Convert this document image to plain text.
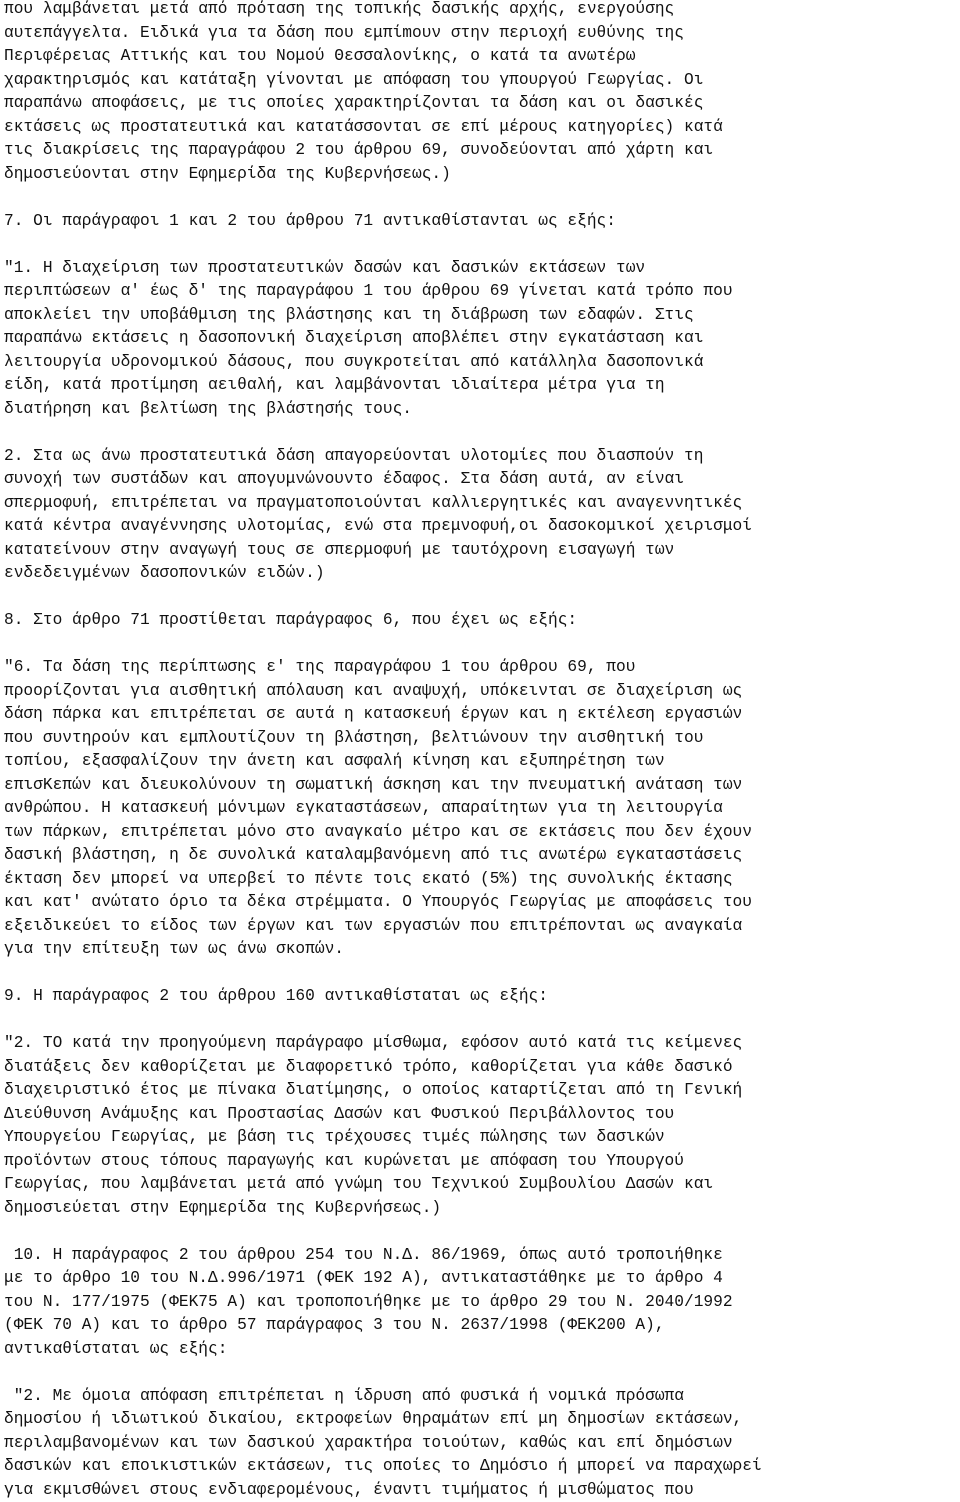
που λαμβάνεται μετά από πρόταση της τοπικής δασικής αρχής, ενεργούσης
αυτεπάγγελτα. Ειδικά για τα δάση που εμπίmουν στην περιοχή ευθύνης της
Περιφέρειας Αττικής και του Νομού Θεσσαλονίκης, ο κατά τα ανωτέρω
χαρακτηρισμός και κατάταξη γίνονται με απόφαση του γπουργού Γεωργίας. Οι
παραπάνω αποφάσεις, με τις οποίες χαρακτηρίζονται τα δάση και οι δασικές
εκτάσεις ως προστατευτικά και κατατάσσονται σε επί μέρους κατηγορίες) κατά
τις διακρίσεις της παραγράφου 2 του άρθρου 69, συνοδεύονται από χάρτη και
δημοσιεύονται στην Εφημερίδα της Κυβερνήσεως.)
7. Οι παράγραφοι 1 και 2 του άρθρου 71 αντικαθίστανται ως εξής:
"1. Η διαχείριση των προστατευτικών δασών και δασικών εκτάσεων των
περιπτώσεων α' έως δ' της παραγράφου 1 του άρθρου 69 γίνεται κατά τρόπο που
αποκλείει την υποβάθμιση της βλάστησης και τη διάβρωση των εδαφών. Στις
παραπάνω εκτάσεις η δασοπονική διαχείριση αποβλέπει στην εγκατάσταση και
λειτουργία υδρονομικού δάσους, που συγκροτείται από κατάλληλα δασοπονικά
είδη, κατά προτίμηση αειθαλή, και λαμβάνονται ιδιαίτερα μέτρα για τη
διατήρηση και βελτίωση της βλάστησής τους.
2. Στα ως άνω προστατευτικά δάση απαγορεύονται υλοτομίες που διασπούν τη
συνοχή των συστάδων και απογυμνώνουντο έδαφος. Στα δάση αυτά, αν είναι
σπερμοφυή, επιτρέπεται να πραγματοποιούνται καλλιεργητικές και αναγεννητικές
κατά κέντρα αναγέννησης υλοτομίας, ενώ στα πρεμνοφυή,οι δασοκομικοί χειρισμοί
κατατείνουν στην αναγωγή τους σε σπερμοφυή με ταυτόχρονη εισαγωγή των
ενδεδειγμένων δασοπονικών ειδών.)
8. Στο άρθρο 71 προστίθεται παράγραφος 6, που έχει ως εξής:
"6. Τα δάση της περίπτωσης ε' της παραγράφου 1 του άρθρου 69, που
προορίζονται για αισθητική απόλαυση και αναψυχή, υπόκεινται σε διαχείριση ως
δάση πάρκα και επιτρέπεται σε αυτά η κατασκευή έργων και η εκτέλεση εργασιών
που συντηρούν και εμπλουτίζουν τη βλάστηση, βελτιώνουν την αισθητική του
τοπίου, εξασφαλίζουν την άνετη και ασφαλή κίνηση και εξυπηρέτηση των
επισKεπών και διευκολύνουν τη σωματική άσκηση και την πνευματική ανάταση των
ανθρώπου. Η κατασκευή μόνιμων εγκαταστάσεων, απαραίτητων για τη λειτουργία
των πάρκων, επιτρέπεται μόνο στο αναγκαίο μέτρο και σε εκτάσεις που δεν έχουν
δασική βλάστηση, η δε συνολικά καταλαμβανόμενη από τις ανωτέρω εγκαταστάσεις
έκταση δεν μπορεί να υπερβεί το πέντε τοις εκατό (5%) της συνολικής έκτασης
και κατ' ανώτατο όριο τα δέκα στρέμματα. Ο Υπουργός Γεωργίας με αποφάσεις του
εξειδικεύει το είδος των έργων και των εργασιών που επιτρέπονται ως αναγκαία
για την επίτευξη των ως άνω σκοπών.
9. Η παράγραφος 2 του άρθρου 160 αντικαθίσταται ως εξής:
"2. ΤΟ κατά την προηγούμενη παράγραφο μίσθωμα, εφόσον αυτό κατά τις κείμενες
διατάξεις δεν καθορίζεται με διαφορετικό τρόπο, καθορίζεται για κάθε δασικό
διαχειριστικό έτος με πίνακα διατίμησης, ο οποίος καταρτίζεται από τη Γενική
Διεύθυνση Ανάμυξης και Προστασίας Δασών και Φυσικού Περιβάλλοντος του
Υπουργείου Γεωργίας, με βάση τις τρέχουσες τιμές πώλησης των δασικών
προϊόντων στους τόπους παραγωγής και κυρώνεται με απόφαση του Υπουργού
Γεωργίας, που λαμβάνεται μετά από γνώμη του Τεχνικού Συμβουλίου Δασών και
δημοσιεύεται στην Εφημερίδα της Κυβερνήσεως.)
10. Η παράγραφος 2 του άρθρου 254 του Ν.Δ. 86/1969, όπως αυτό τροποιήθηκε
με το άρθρο 10 του Ν.Δ.996/1971 (ΦΕΚ 192 Α), αντικαταστάθηκε με το άρθρο 4
του Ν. 177/1975 (ΦΕΚ75 Α) και τροποποιήθηκε με το άρθρο 29 του Ν. 2040/1992
(ΦΕΚ 70 Α) και το άρθρο 57 παράγραφος 3 του Ν. 2637/1998 (ΦΕΚ200 Α),
αντικαθίσταται ως εξής:
"2. Με όμοια απόφαση επιτρέπεται η ίδρυση από φυσικά ή νομικά πρόσωπα
δημοσίου ή ιδιωτικού δικαίου, εκτροφείων θηραμάτων επί μη δημοσίων εκτάσεων,
περιλαμβανομένων και των δασικού χαρακτήρα τοιούτων, καθώς και επί δημόσιων
δασικών και εποικιστικών εκτάσεων, τις οποίες το Δημόσιο ή μπορεί να παραχωρεί
για εκμισθώνει στους ενδιαφερομένους, έναντι τιμήματος ή μισθώματος που
